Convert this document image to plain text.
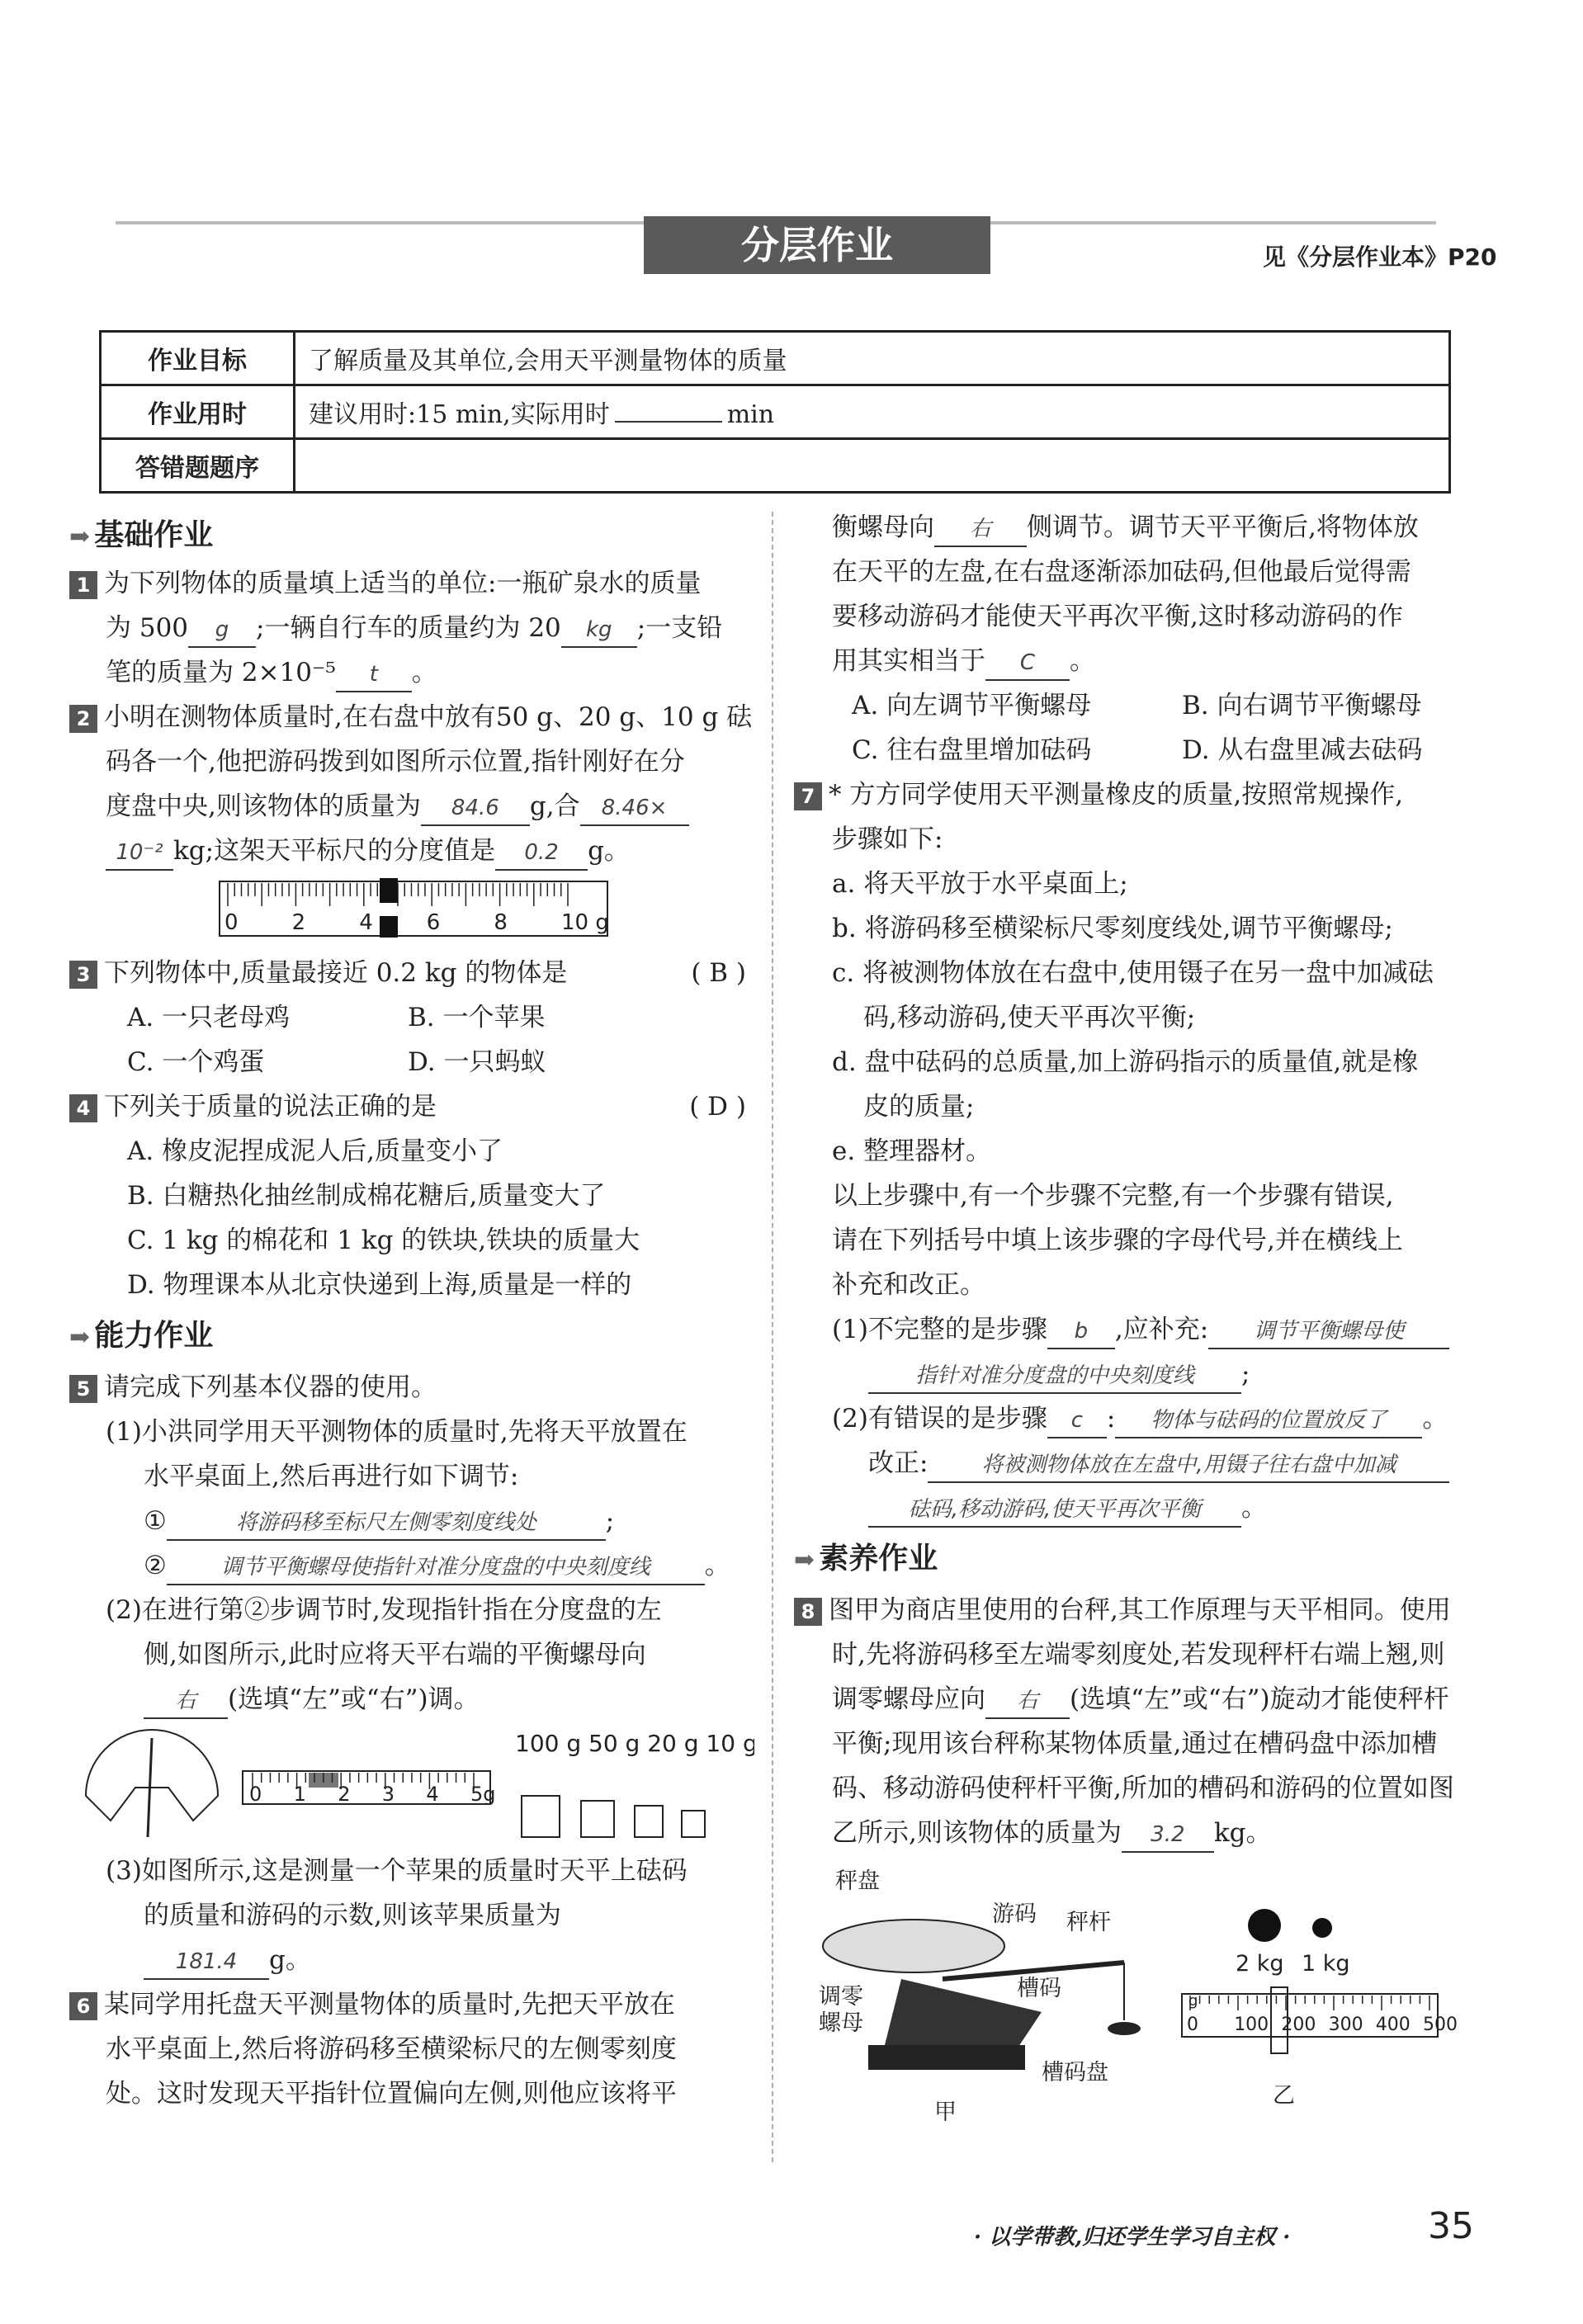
分层作业	见《分层作业本》P20
作业目标	了解质量及其单位,会用天平测量物体的质量
作业用时	建议用时:15 min,实际用时 min
答错题题序	
➡ 基础作业
1 为下列物体的质量填上适当的单位:一瓶矿泉水的质量
为 500 g ;一辆自行车的质量约为 20 kg ;一支铅
笔的质量为 2×10⁻⁵ t 。
2 小明在测物体质量时,在右盘中放有50 g、20 g、10 g 砝
码各一个,他把游码拨到如图所示位置,指针刚好在分
度盘中央,则该物体的质量为 84.6 g,合 8.46×
10⁻² kg;这架天平标尺的分度值是 0.2 g。
0	2	4	6	8	10 g
3 下列物体中,质量最接近 0.2 kg 的物体是	( B )
A. 一只老母鸡	B. 一个苹果
C. 一个鸡蛋	D. 一只蚂蚁
4 下列关于质量的说法正确的是	( D )
A. 橡皮泥捏成泥人后,质量变小了
B. 白糖热化抽丝制成棉花糖后,质量变大了
C. 1 kg 的棉花和 1 kg 的铁块,铁块的质量大
D. 物理课本从北京快递到上海,质量是一样的
➡ 能力作业
5 请完成下列基本仪器的使用。
(1)小洪同学用天平测物体的质量时,先将天平放置在
水平桌面上,然后再进行如下调节:
①	将游码移至标尺左侧零刻度线处	;
②	调节平衡螺母使指针对准分度盘的中央刻度线 。
(2)在进行第②步调节时,发现指针指在分度盘的左
侧,如图所示,此时应将天平右端的平衡螺母向
右 (选填“左”或“右”)调。
0 1 2 3 4 5g
100 g 50 g 20 g 10 g
(3)如图所示,这是测量一个苹果的质量时天平上砝码
的质量和游码的示数,则该苹果质量为
181.4 g。
6 某同学用托盘天平测量物体的质量时,先把天平放在
水平桌面上,然后将游码移至横梁标尺的左侧零刻度
处。这时发现天平指针位置偏向左侧,则他应该将平
衡螺母向 右 侧调节。调节天平平衡后,将物体放
在天平的左盘,在右盘逐渐添加砝码,但他最后觉得需
要移动游码才能使天平再次平衡,这时移动游码的作
用其实相当于 C 。
A. 向左调节平衡螺母	B. 向右调节平衡螺母
C. 往右盘里增加砝码	D. 从右盘里减去砝码
7 * 方方同学使用天平测量橡皮的质量,按照常规操作,
步骤如下:
a. 将天平放于水平桌面上;
b. 将游码移至横梁标尺零刻度线处,调节平衡螺母;
c. 将被测物体放在右盘中,使用镊子在另一盘中加减砝
码,移动游码,使天平再次平衡;
d. 盘中砝码的总质量,加上游码指示的质量值,就是橡
皮的质量;
e. 整理器材。
以上步骤中,有一个步骤不完整,有一个步骤有错误,
请在下列括号中填上该步骤的字母代号,并在横线上
补充和改正。
(1)不完整的是步骤 b ,应补充: 调节平衡螺母使
指针对准分度盘的中央刻度线 ;
(2)有错误的是步骤 c : 物体与砝码的位置放反了 。
改正: 将被测物体放在左盘中,用镊子往右盘中加减
砝码,移动游码,使天平再次平衡 。
➡ 素养作业
8 图甲为商店里使用的台秤,其工作原理与天平相同。使用
时,先将游码移至左端零刻度处,若发现秤杆右端上翘,则
调零螺母应向 右 (选填“左”或“右”)旋动才能使秤杆
平衡;现用该台秤称某物体质量,通过在槽码盘中添加槽
码、移动游码使秤杆平衡,所加的槽码和游码的位置如图
乙所示,则该物体的质量为 3.2 kg。
秤盘
游码 秤杆
槽码
调零
螺母
槽码盘
甲
2 kg 1 kg
g
0 100 200 300 400 500
乙
· 以学带教,归还学生学习自主权 ·	35
